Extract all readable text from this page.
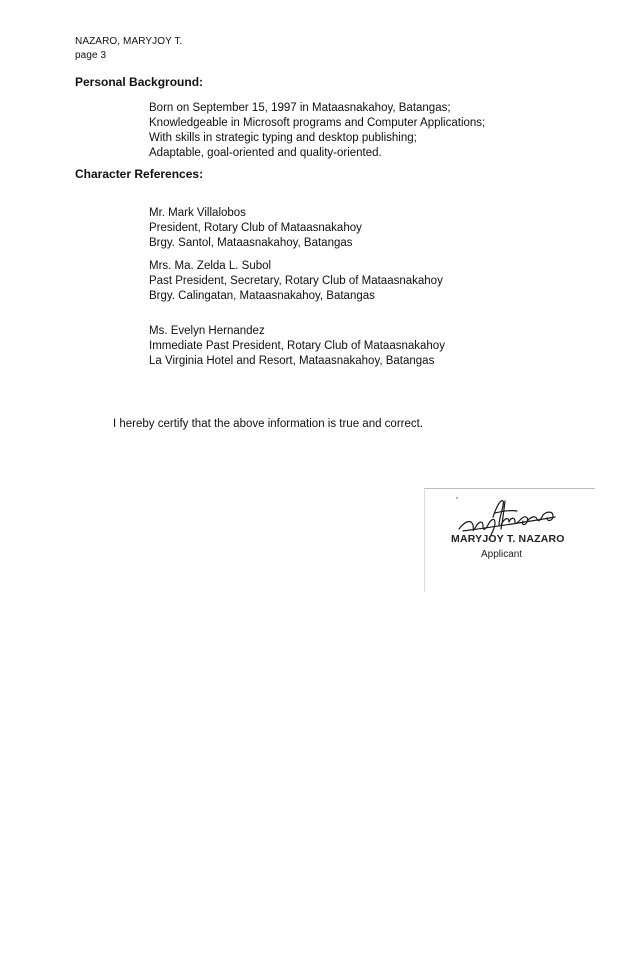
NAZARO, MARYJOY T.
page 3
Personal Background:
Born on September 15, 1997 in Mataasnakahoy, Batangas;
Knowledgeable in Microsoft programs and Computer Applications;
With skills in strategic typing and desktop publishing;
Adaptable, goal-oriented and quality-oriented.
Character References:
Mr. Mark Villalobos
President, Rotary Club of Mataasnakahoy
Brgy. Santol, Mataasnakahoy, Batangas
Mrs. Ma. Zelda L. Subol
Past President, Secretary, Rotary Club of Mataasnakahoy
Brgy. Calingatan, Mataasnakahoy, Batangas
Ms. Evelyn Hernandez
Immediate Past President, Rotary Club of Mataasnakahoy
La Virginia Hotel and Resort, Mataasnakahoy, Batangas
I hereby certify that the above information is true and correct.
MARYJOY T. NAZARO
Applicant
